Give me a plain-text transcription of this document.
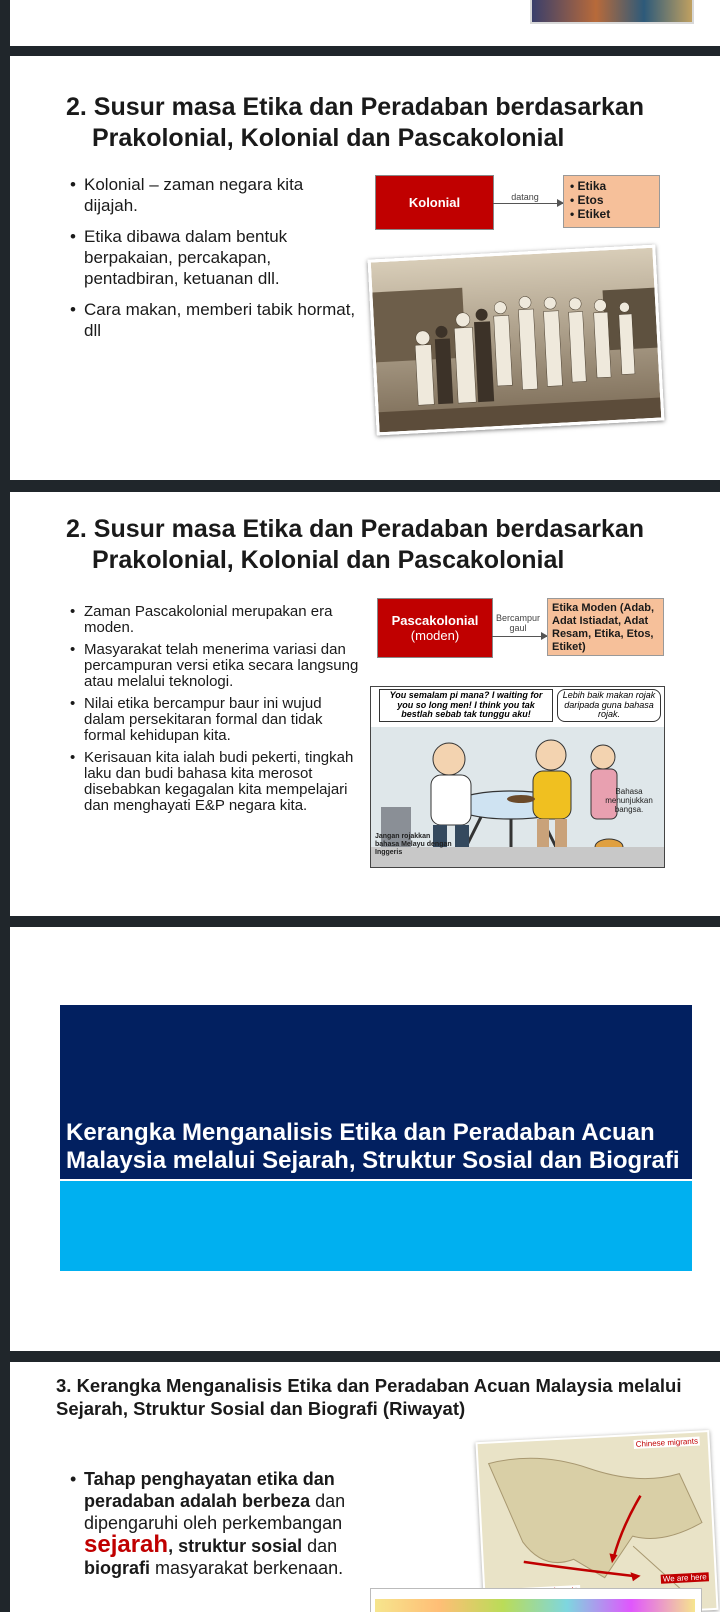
2. Susur masa Etika dan Peradaban berdasarkan
Prakolonial, Kolonial dan Pascakolonial
• Kolonial – zaman negara kita dijajah.
• Etika dibawa dalam bentuk berpakaian, percakapan, pentadbiran, ketuanan dll.
• Cara makan, memberi tabik hormat, dll
Kolonial	datang
• Etika
• Etos
• Etiket
2. Susur masa Etika dan Peradaban berdasarkan
Prakolonial, Kolonial dan Pascakolonial
• Zaman Pascakolonial merupakan era moden.
• Masyarakat telah menerima variasi dan percampuran versi etika secara langsung atau melalui teknologi.
• Nilai etika bercampur baur ini wujud dalam persekitaran formal dan tidak formal kehidupan kita.
• Kerisauan kita ialah budi pekerti, tingkah laku dan budi bahasa kita merosot disebabkan kegagalan kita mempelajari dan menghayati E&P negara kita.
Pascakolonial
(moden)
Bercampur gaul
Etika Moden (Adab, Adat Istiadat, Adat Resam, Etika, Etos, Etiket)
You semalam pi mana? I waiting for you so long men! I think you tak bestlah sebab tak tunggu aku!
Lebih baik makan rojak daripada guna bahasa rojak.
Jangan rojakkan bahasa Melayu dengan Inggeris
Bahasa menunjukkan bangsa.
Kerangka Menganalisis Etika dan Peradaban Acuan Malaysia melalui Sejarah, Struktur Sosial dan Biografi
3. Kerangka Menganalisis Etika dan Peradaban Acuan Malaysia melalui Sejarah, Struktur Sosial dan Biografi (Riwayat)
• Tahap penghayatan etika dan peradaban adalah berbeza dan dipengaruhi oleh perkembangan sejarah, struktur sosial dan biografi masyarakat berkenaan.
Chinese migrants
We are here
